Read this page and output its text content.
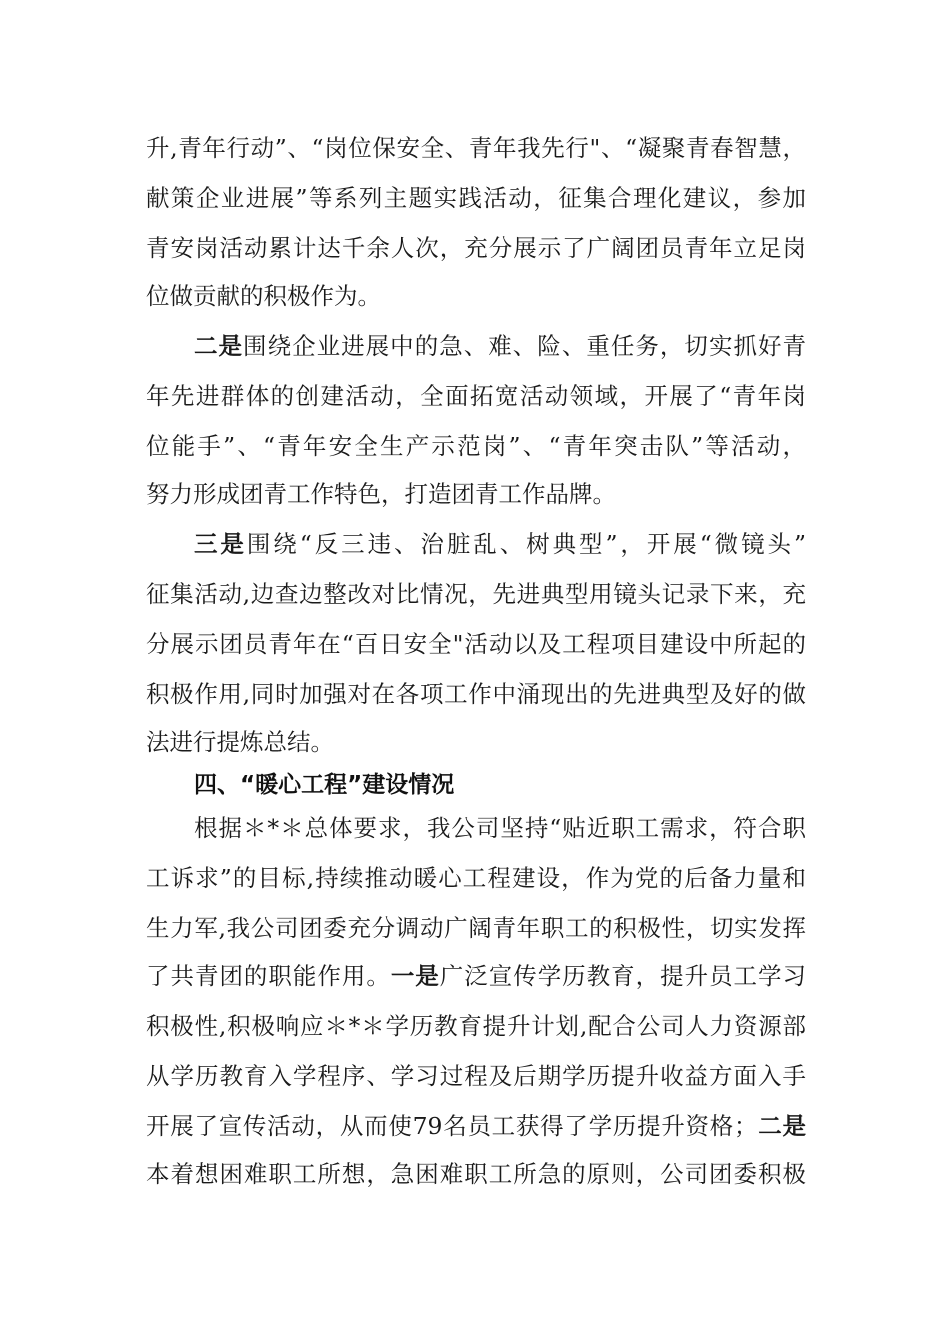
升,青年行动”、“岗位保安全、青年我先行"、“凝聚青春智慧，
献策企业进展”等系列主题实践活动，征集合理化建议，参加
青安岗活动累计达千余人次，充分展示了广阔团员青年立足岗
位做贡献的积极作为。
二是围绕企业进展中的急、难、险、重任务，切实抓好青
年先进群体的创建活动，全面拓宽活动领域，开展了“青年岗
位能手”、“青年安全生产示范岗”、“青年突击队”等活动，
努力形成团青工作特色，打造团青工作品牌。
三是围绕“反三违、治脏乱、树典型”，开展“微镜头”
征集活动,边查边整改对比情况，先进典型用镜头记录下来，充
分展示团员青年在“百日安全"活动以及工程项目建设中所起的
积极作用,同时加强对在各项工作中涌现出的先进典型及好的做
法进行提炼总结。
四、“暖心工程”建设情况
根据＊*＊总体要求，我公司坚持“贴近职工需求，符合职
工诉求”的目标,持续推动暖心工程建设，作为党的后备力量和
生力军,我公司团委充分调动广阔青年职工的积极性，切实发挥
了共青团的职能作用。一是广泛宣传学历教育，提升员工学习
积极性,积极响应＊*＊学历教育提升计划,配合公司人力资源部
从学历教育入学程序、学习过程及后期学历提升收益方面入手
开展了宣传活动，从而使79名员工获得了学历提升资格；二是
本着想困难职工所想，急困难职工所急的原则，公司团委积极
